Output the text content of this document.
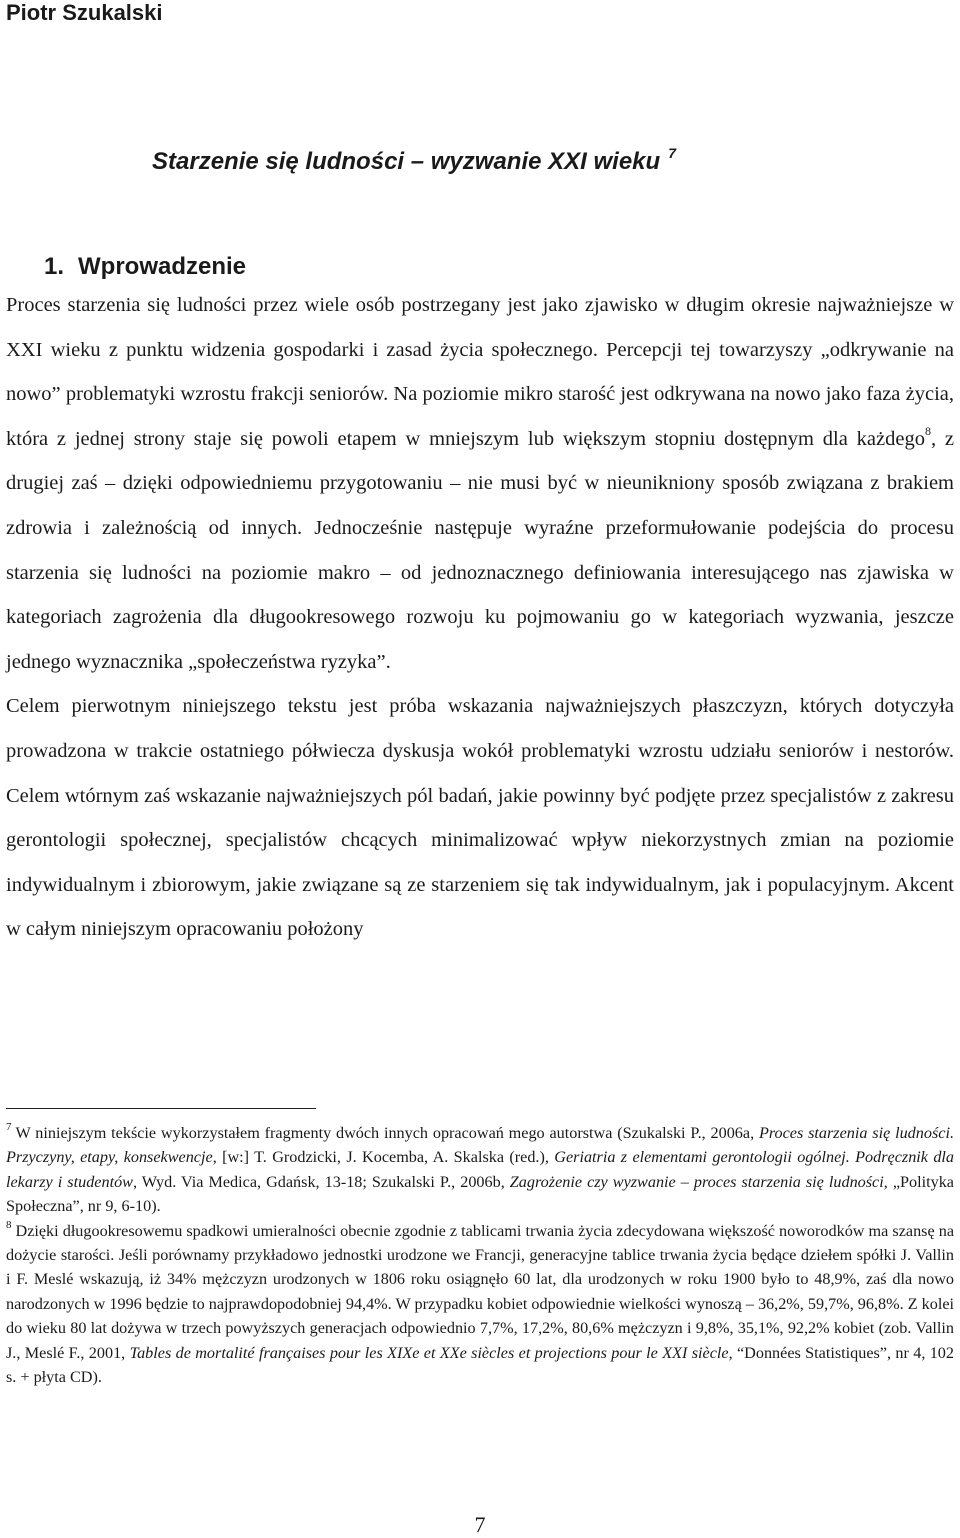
Piotr Szukalski
Starzenie się ludności – wyzwanie XXI wieku $^7$
1. Wprowadzenie

Proces starzenia się ludności przez wiele osób postrzegany jest jako zjawisko w długim okresie najważniejsze w XXI wieku z punktu widzenia gospodarki i zasad życia społecznego. Percepcji tej towarzyszy „odkrywanie na nowo” problematyki wzrostu frakcji seniorów. Na poziomie mikro starość jest odkrywana na nowo jako faza życia, która z jednej strony staje się powoli etapem w mniejszym lub większym stopniu dostępnym dla każdego$^8$, z drugiej zaś – dzięki odpowiedniemu przygotowaniu – nie musi być w nieunikniony sposób związana z brakiem zdrowia i zależnością od innych. Jednocześnie następuje wyraźne przeformułowanie podejścia do procesu starzenia się ludności na poziomie makro – od jednoznacznego definiowania interesującego nas zjawiska w kategoriach zagrożenia dla długookresowego rozwoju ku pojmowaniu go w kategoriach wyzwania, jeszcze jednego wyznacznika „społeczeństwa ryzyka”.

Celem pierwotnym niniejszego tekstu jest próba wskazania najważniejszych płaszczyzn, których dotyczyła prowadzona w trakcie ostatniego półwiecza dyskusja wokół problematyki wzrostu udziału seniorów i nestorów. Celem wtórnym zaś wskazanie najważniejszych pól badań, jakie powinny być podjęte przez specjalistów z zakresu gerontologii społecznej, specjalistów chcących minimalizować wpływ niekorzystnych zmian na poziomie indywidualnym i zbiorowym, jakie związane są ze starzeniem się tak indywidualnym, jak i populacyjnym. Akcent w całym niniejszym opracowaniu położony

$^7$ W niniejszym tekście wykorzystałem fragmenty dwóch innych opracowań mego autorstwa (Szukalski P., 2006a, Proces starzenia się ludności. Przyczyny, etapy, konsekwencje, [w:] T. Grodzicki, J. Kocemba, A. Skalska (red.), Geriatria z elementami gerontologii ogólnej. Podręcznik dla lekarzy i studentów, Wyd. Via Medica, Gdańsk, 13-18; Szukalski P., 2006b, Zagrożenie czy wyzwanie – proces starzenia się ludności, „Polityka Społeczna”, nr 9, 6-10).

$^8$ Dzięki długookresowemu spadkowi umieralności obecnie zgodnie z tablicami trwania życia zdecydowana większość noworodków ma szansę na dożycie starości. Jeśli porównamy przykładowo jednostki urodzone we Francji, generacyjne tablice trwania życia będące dziełem spółki J. Vallin i F. Meslé wskazują, iż 34% mężczyzn urodzonych w 1806 roku osiągnęło 60 lat, dla urodzonych w roku 1900 było to 48,9%, zaś dla nowo narodzonych w 1996 będzie to najprawdopodobniej 94,4%. W przypadku kobiet odpowiednie wielkości wynoszą – 36,2%, 59,7%, 96,8%. Z kolei do wieku 80 lat dożywa w trzech powyższych generacjach odpowiednio 7,7%, 17,2%, 80,6% mężczyzn i 9,8%, 35,1%, 92,2% kobiet (zob. Vallin J., Meslé F., 2001, Tables de mortalité françaises pour les XIXe et XXe siècles et projections pour le XXI siècle, “Données Statistiques”, nr 4, 102 s. + płyta CD).

7
